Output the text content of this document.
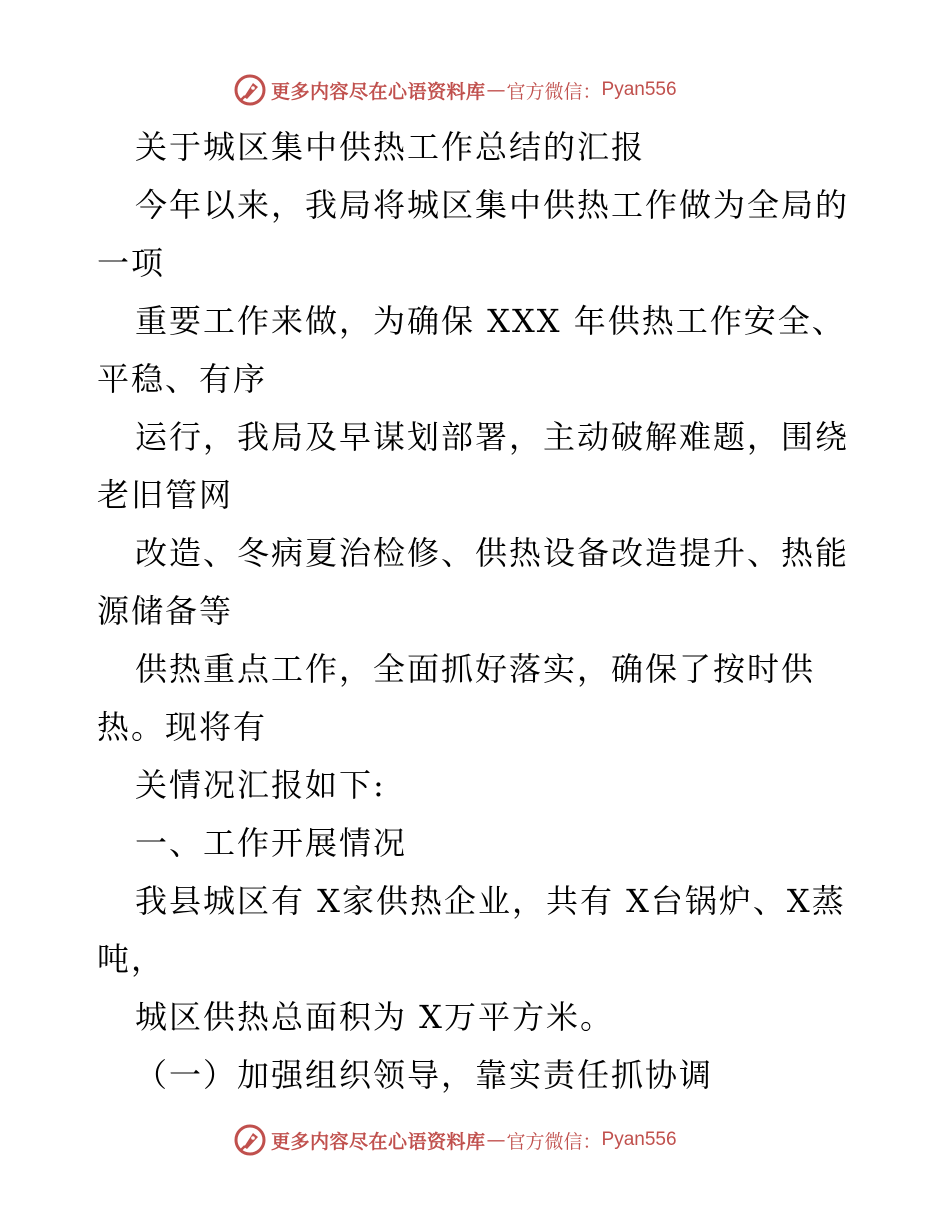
更多内容尽在心语资料库 — 官方微信： Pyan556
关于城区集中供热工作总结的汇报
今年以来，我局将城区集中供热工作做为全局的
一项
重要工作来做，为确保 XXX 年供热工作安全、
平稳、有序
运行，我局及早谋划部署，主动破解难题，围绕
老旧管网
改造、冬病夏治检修、供热设备改造提升、热能
源储备等
供热重点工作，全面抓好落实，确保了按时供
热。现将有
关情况汇报如下:
一、工作开展情况
我县城区有 X家供热企业，共有 X台锅炉、X蒸
吨，
城区供热总面积为 X万平方米。
（一）加强组织领导，靠实责任抓协调
更多内容尽在心语资料库 — 官方微信： Pyan556
